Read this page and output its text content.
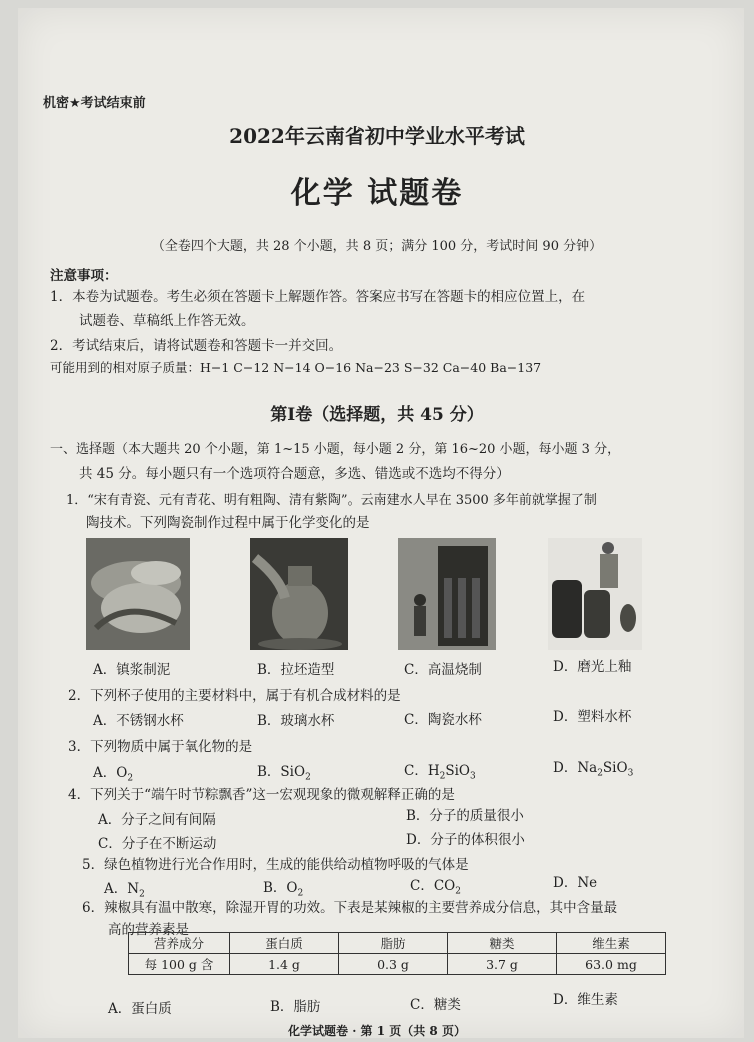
机密★考试结束前
2022年云南省初中学业水平考试
化学 试题卷
（全卷四个大题，共 28 个小题，共 8 页；满分 100 分，考试时间 90 分钟）
注意事项：
1．本卷为试题卷。考生必须在答题卡上解题作答。答案应书写在答题卡的相应位置上，在
试题卷、草稿纸上作答无效。
2．考试结束后，请将试题卷和答题卡一并交回。
可能用到的相对原子质量：H−1 C−12 N−14 O−16 Na−23 S−32 Ca−40 Ba−137
第Ⅰ卷（选择题，共 45 分）
一、选择题（本大题共 20 个小题，第 1~15 小题，每小题 2 分，第 16~20 小题，每小题 3 分，
共 45 分。每小题只有一个选项符合题意，多选、错选或不选均不得分）
1．“宋有青瓷、元有青花、明有粗陶、清有紫陶”。云南建水人早在 3500 多年前就掌握了制
陶技术。下列陶瓷制作过程中属于化学变化的是
A．镇浆制泥	B．拉坯造型	C．高温烧制	D．磨光上釉
2．下列杯子使用的主要材料中，属于有机合成材料的是
A．不锈钢水杯	B．玻璃水杯	C．陶瓷水杯	D．塑料水杯
3．下列物质中属于氧化物的是
A．$O_2$	B．SiO$_2$	C．$H_2SiO_3$
D．$Na_2SiO_3$
4．下列关于“端午时节粽飘香”这一宏观现象的微观解释正确的是
A．分子之间有间隔	B．分子的质量很小
C．分子在不断运动	D．分子的体积很小
5．绿色植物进行光合作用时，生成的能供给动植物呼吸的气体是
A．$N_2$	B．$O_2$	C．$CO_2$
D．Ne
6．辣椒具有温中散寒，除湿开胃的功效。下表是某辣椒的主要营养成分信息，其中含量最
高的营养素是
营养成分	蛋白质	脂肪	糖类	维生素
每 100 g 含	1.4 g	0.3 g	3.7 g	63.0 mg
A．蛋白质	B．脂肪	C．糖类	D．维生素
化学试题卷 · 第 1 页（共 8 页）
